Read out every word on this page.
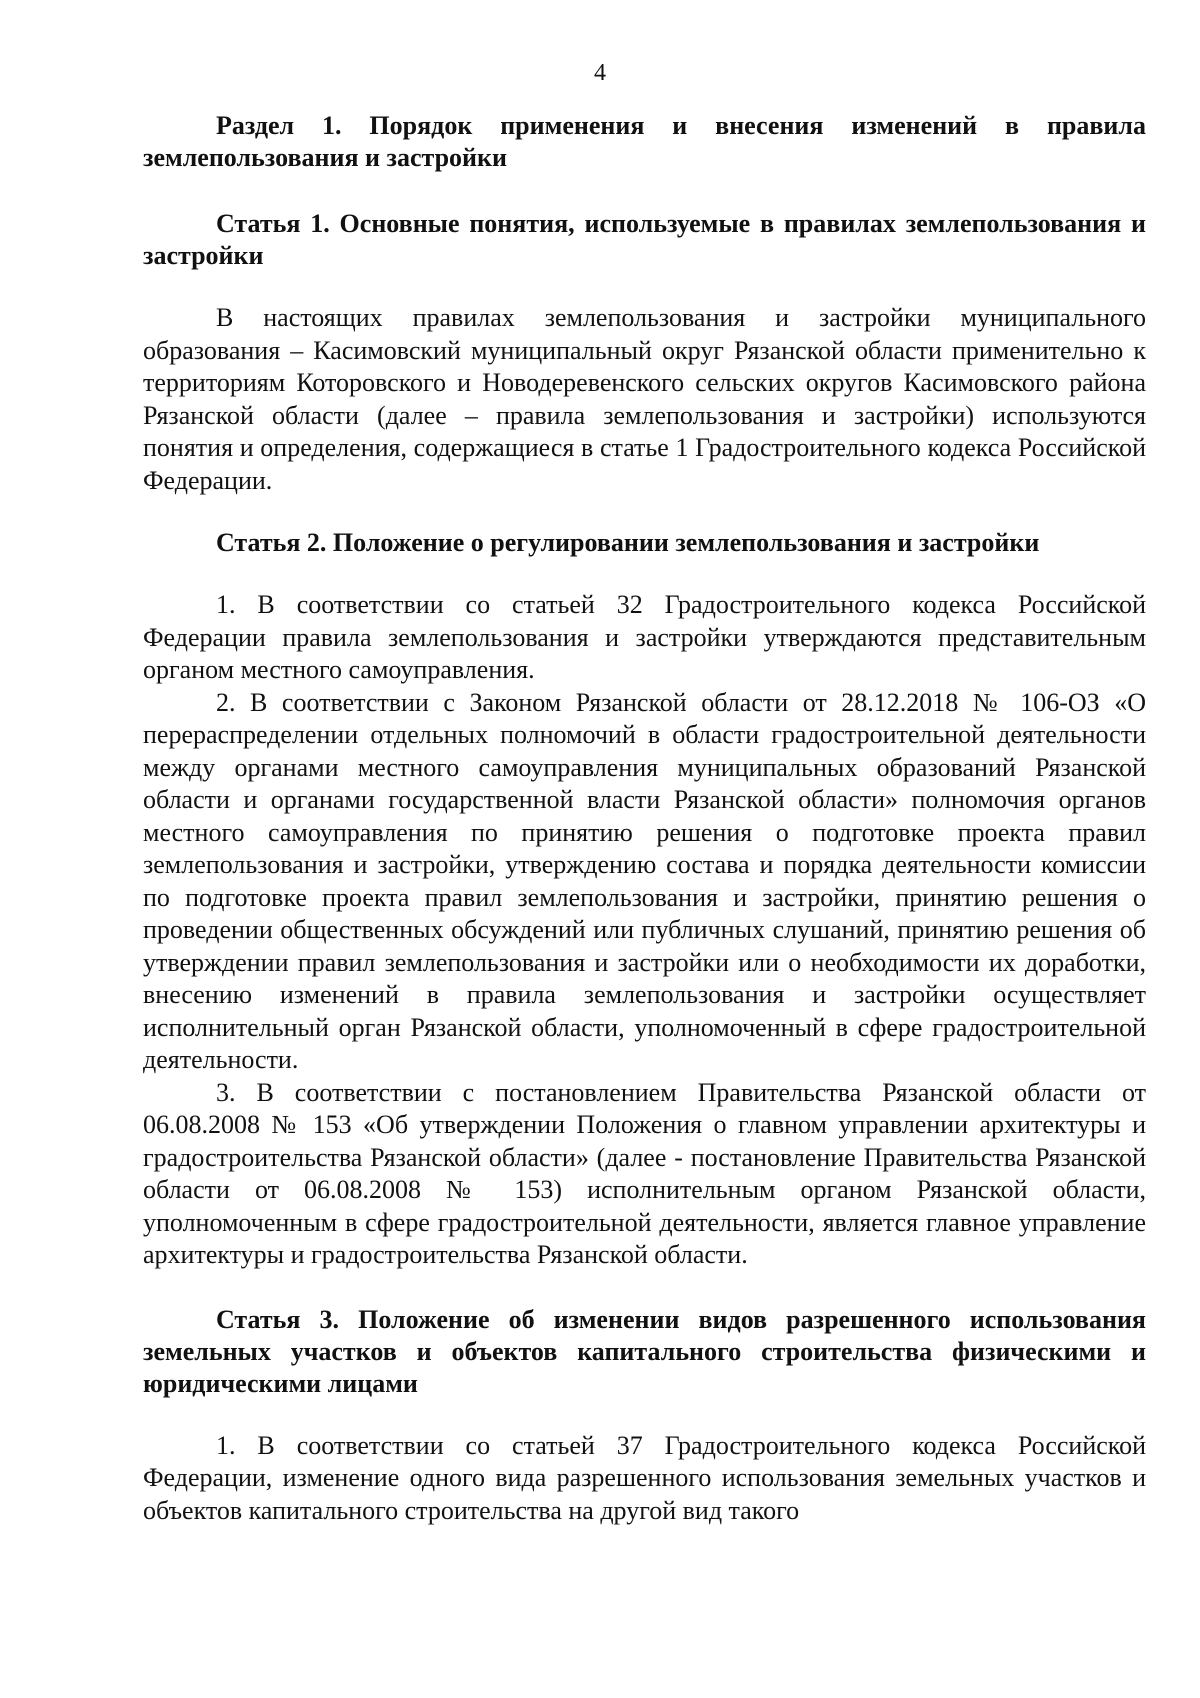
4

Раздел 1. Порядок применения и внесения изменений в правила землепользования и застройки

Статья 1. Основные понятия, используемые в правилах землепользования и застройки

В настоящих правилах землепользования и застройки муниципального образования – Касимовский муниципальный округ Рязанской области применительно к территориям Которовского и Новодеревенского сельских округов Касимовского района Рязанской области (далее – правила землепользования и застройки) используются понятия и определения, содержащиеся в статье 1 Градостроительного кодекса Российской Федерации.

Статья 2. Положение о регулировании землепользования и застройки

1. В соответствии со статьей 32 Градостроительного кодекса Российской Федерации правила землепользования и застройки утверждаются представительным органом местного самоуправления.

2. В соответствии с Законом Рязанской области от 28.12.2018 № 106-ОЗ «О перераспределении отдельных полномочий в области градостроительной деятельности между органами местного самоуправления муниципальных образований Рязанской области и органами государственной власти Рязанской области» полномочия органов местного самоуправления по принятию решения о подготовке проекта правил землепользования и застройки, утверждению состава и порядка деятельности комиссии по подготовке проекта правил землепользования и застройки, принятию решения о проведении общественных обсуждений или публичных слушаний, принятию решения об утверждении правил землепользования и застройки или о необходимости их доработки, внесению изменений в правила землепользования и застройки осуществляет исполнительный орган Рязанской области, уполномоченный в сфере градостроительной деятельности.

3. В соответствии с постановлением Правительства Рязанской области от 06.08.2008 № 153 «Об утверждении Положения о главном управлении архитектуры и градостроительства Рязанской области» (далее - постановление Правительства Рязанской области от 06.08.2008 № 153) исполнительным органом Рязанской области, уполномоченным в сфере градостроительной деятельности, является главное управление архитектуры и градостроительства Рязанской области.

Статья 3. Положение об изменении видов разрешенного использования земельных участков и объектов капитального строительства физическими и юридическими лицами

1. В соответствии со статьей 37 Градостроительного кодекса Российской Федерации, изменение одного вида разрешенного использования земельных участков и объектов капитального строительства на другой вид такого
